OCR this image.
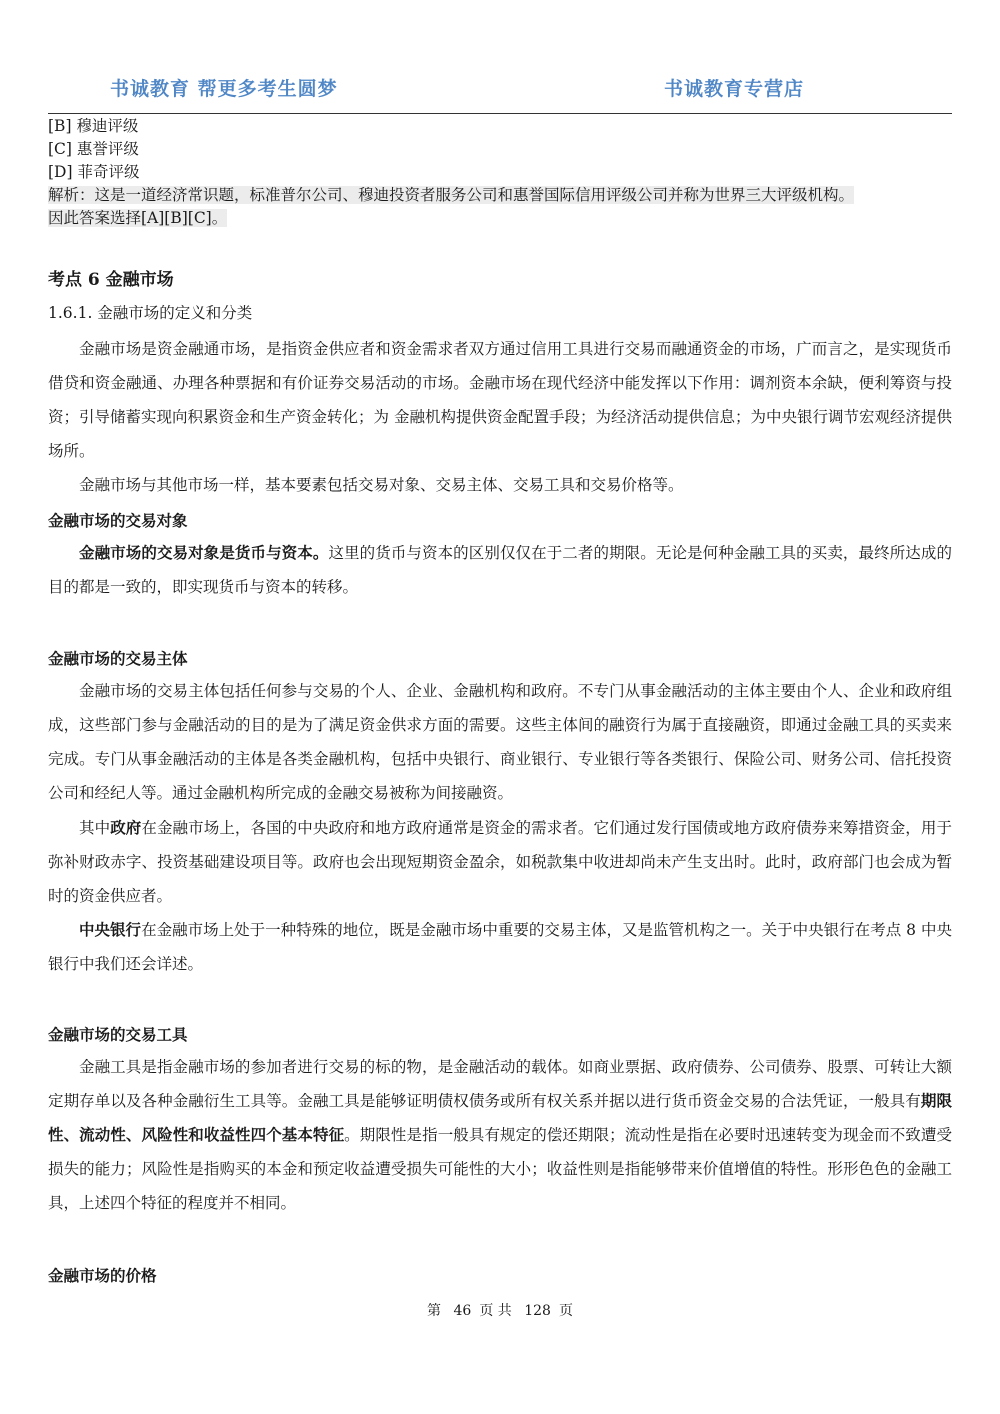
书诚教育 帮更多考生圆梦	书诚教育专营店
[B] 穆迪评级
[C] 惠誉评级
[D] 菲奇评级
解析：这是一道经济常识题，标准普尔公司、穆迪投资者服务公司和惠誉国际信用评级公司并称为世界三大评级机构。
因此答案选择[A][B][C]。
考点 6 金融市场
1.6.1. 金融市场的定义和分类
金融市场是资金融通市场，是指资金供应者和资金需求者双方通过信用工具进行交易而融通资金的市场，广而言之，是实现货币借贷和资金融通、办理各种票据和有价证券交易活动的市场。金融市场在现代经济中能发挥以下作用：调剂资本余缺，便利筹资与投资；引导储蓄实现向积累资金和生产资金转化；为 金融机构提供资金配置手段；为经济活动提供信息；为中央银行调节宏观经济提供场所。
金融市场与其他市场一样，基本要素包括交易对象、交易主体、交易工具和交易价格等。
金融市场的交易对象
金融市场的交易对象是货币与资本。这里的货币与资本的区别仅仅在于二者的期限。无论是何种金融工具的买卖，最终所达成的目的都是一致的，即实现货币与资本的转移。
金融市场的交易主体
金融市场的交易主体包括任何参与交易的个人、企业、金融机构和政府。不专门从事金融活动的主体主要由个人、企业和政府组成，这些部门参与金融活动的目的是为了满足资金供求方面的需要。这些主体间的融资行为属于直接融资，即通过金融工具的买卖来完成。专门从事金融活动的主体是各类金融机构，包括中央银行、商业银行、专业银行等各类银行、保险公司、财务公司、信托投资公司和经纪人等。通过金融机构所完成的金融交易被称为间接融资。
其中政府在金融市场上，各国的中央政府和地方政府通常是资金的需求者。它们通过发行国债或地方政府债券来筹措资金，用于弥补财政赤字、投资基础建设项目等。政府也会出现短期资金盈余，如税款集中收进却尚未产生支出时。此时，政府部门也会成为暂时的资金供应者。
中央银行在金融市场上处于一种特殊的地位，既是金融市场中重要的交易主体，又是监管机构之一。关于中央银行在考点 8 中央银行中我们还会详述。
金融市场的交易工具
金融工具是指金融市场的参加者进行交易的标的物，是金融活动的载体。如商业票据、政府债券、公司债券、股票、可转让大额定期存单以及各种金融衍生工具等。金融工具是能够证明债权债务或所有权关系并据以进行货币资金交易的合法凭证，一般具有期限性、流动性、风险性和收益性四个基本特征。期限性是指一般具有规定的偿还期限；流动性是指在必要时迅速转变为现金而不致遭受损失的能力；风险性是指购买的本金和预定收益遭受损失可能性的大小；收益性则是指能够带来价值增值的特性。形形色色的金融工具，上述四个特征的程度并不相同。
金融市场的价格
第 46 页 共 128 页
